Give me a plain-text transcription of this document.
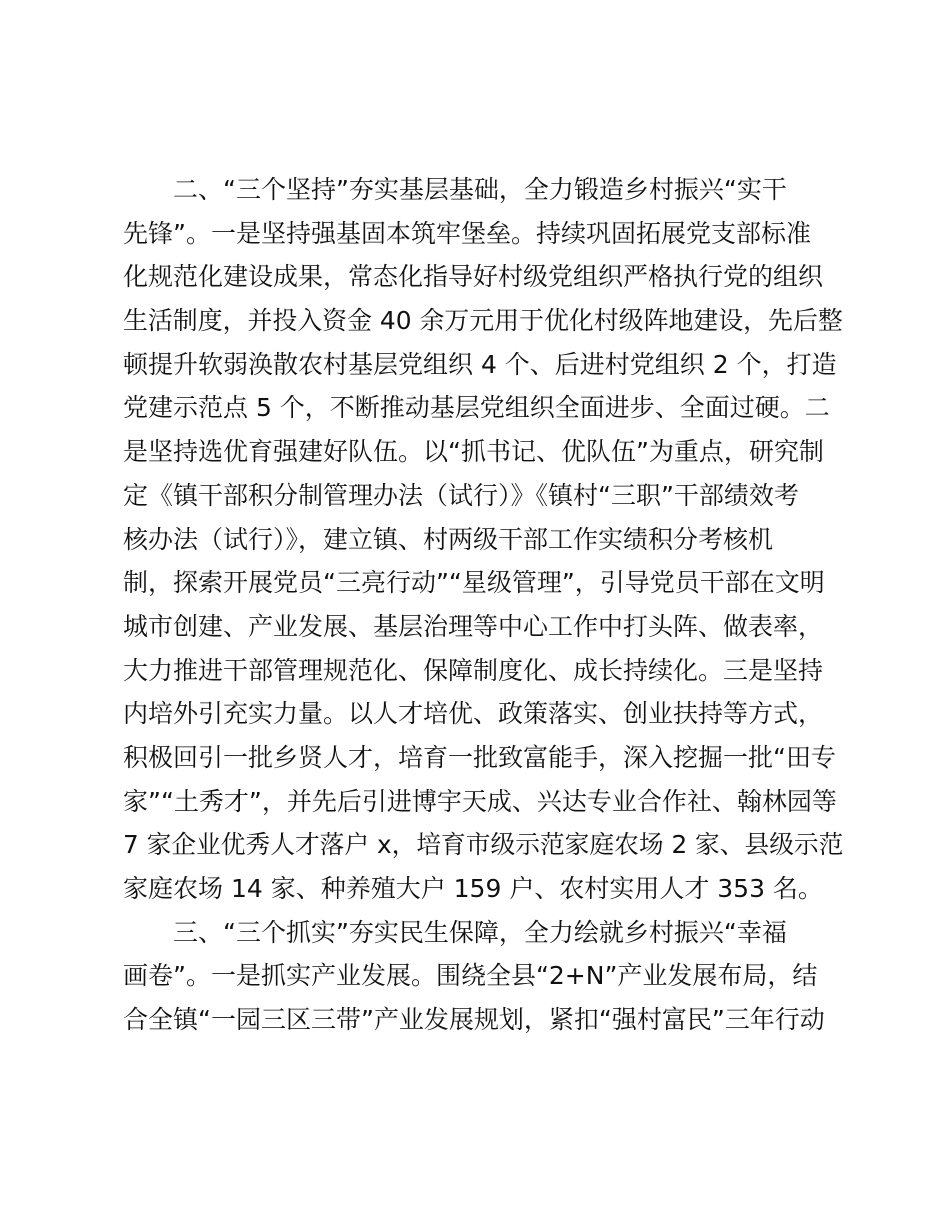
二、“三个坚持”夯实基层基础，全力锻造乡村振兴“实干
先锋”。一是坚持强基固本筑牢堡垒。持续巩固拓展党支部标准
化规范化建设成果，常态化指导好村级党组织严格执行党的组织
生活制度，并投入资金 40 余万元用于优化村级阵地建设，先后整
顿提升软弱涣散农村基层党组织 4 个、后进村党组织 2 个，打造
党建示范点 5 个，不断推动基层党组织全面进步、全面过硬。二
是坚持选优育强建好队伍。以“抓书记、优队伍”为重点，研究制
定《镇干部积分制管理办法（试行）》《镇村“三职”干部绩效考
核办法（试行）》，建立镇、村两级干部工作实绩积分考核机
制，探索开展党员“三亮行动”“星级管理”，引导党员干部在文明
城市创建、产业发展、基层治理等中心工作中打头阵、做表率，
大力推进干部管理规范化、保障制度化、成长持续化。三是坚持
内培外引充实力量。以人才培优、政策落实、创业扶持等方式，
积极回引一批乡贤人才，培育一批致富能手，深入挖掘一批“田专
家”“土秀才”，并先后引进博宇天成、兴达专业合作社、翰林园等
7 家企业优秀人才落户 x，培育市级示范家庭农场 2 家、县级示范
家庭农场 14 家、种养殖大户 159 户、农村实用人才 353 名。
三、“三个抓实”夯实民生保障，全力绘就乡村振兴“幸福
画卷”。一是抓实产业发展。围绕全县“2+N”产业发展布局，结
合全镇“一园三区三带”产业发展规划，紧扣“强村富民”三年行动
